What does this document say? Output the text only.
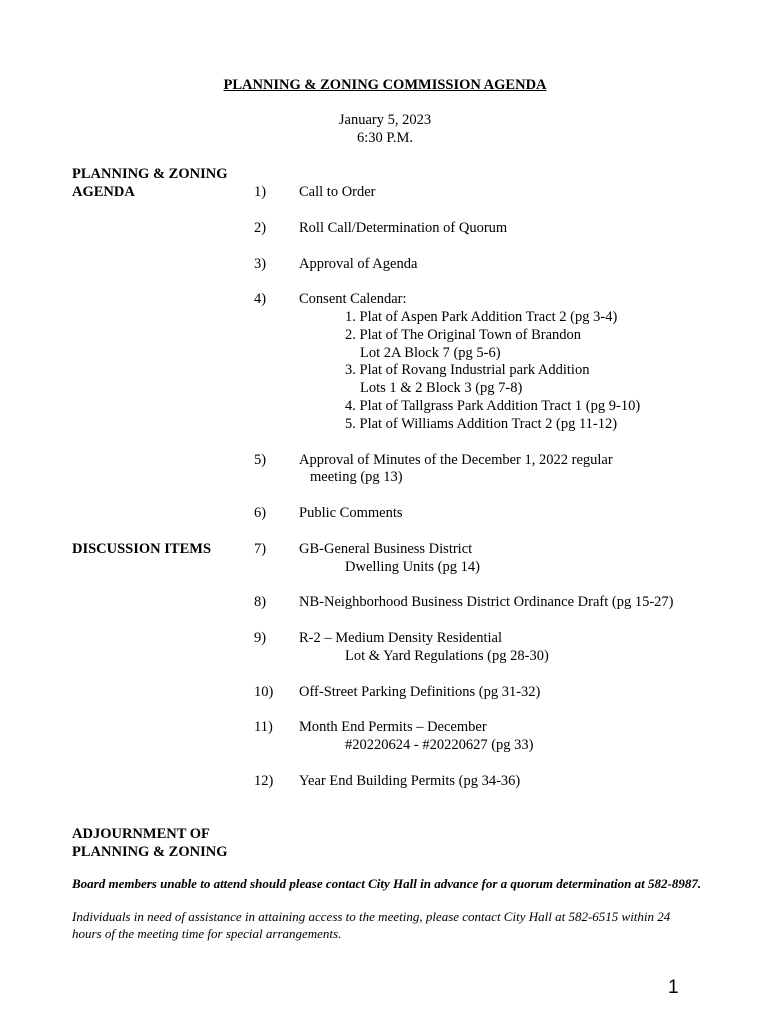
PLANNING & ZONING COMMISSION AGENDA
January 5, 2023
6:30 P.M.
PLANNING & ZONING
AGENDA	1) Call to Order
2) Roll Call/Determination of Quorum
3) Approval of Agenda
4) Consent Calendar:
1. Plat of Aspen Park Addition Tract 2 (pg 3-4)
2. Plat of The Original Town of Brandon
Lot 2A Block 7 (pg 5-6)
3. Plat of Rovang Industrial park Addition
Lots 1 & 2 Block 3 (pg 7-8)
4. Plat of Tallgrass Park Addition Tract 1 (pg 9-10)
5. Plat of Williams Addition Tract 2 (pg 11-12)
5) Approval of Minutes of the December 1, 2022 regular
meeting (pg 13)
6) Public Comments
DISCUSSION ITEMS	7) GB-General Business District
Dwelling Units (pg 14)
8) NB-Neighborhood Business District Ordinance Draft (pg 15-27)
9) R-2 – Medium Density Residential
Lot & Yard Regulations (pg 28-30)
10) Off-Street Parking Definitions (pg 31-32)
11) Month End Permits – December
#20220624 - #20220627 (pg 33)
12) Year End Building Permits (pg 34-36)
ADJOURNMENT OF
PLANNING & ZONING
Board members unable to attend should please contact City Hall in advance for a quorum determination at 582-8987.
Individuals in need of assistance in attaining access to the meeting, please contact City Hall at 582-6515 within 24 hours of the meeting time for special arrangements.
1
